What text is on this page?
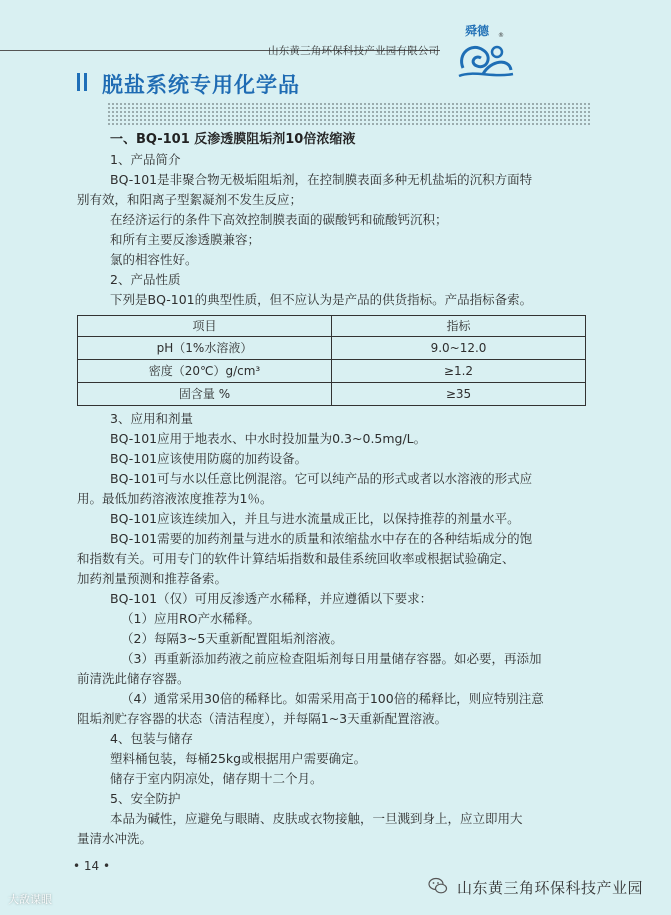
山东黄三角环保科技产业园有限公司
舜德 ®
脱盐系统专用化学品

一、BQ-101 反渗透膜阻垢剂10倍浓缩液

1、产品简介

BQ-101是非聚合物无极垢阻垢剂，在控制膜表面多种无机盐垢的沉积方面特

别有效，和阳离子型絮凝剂不发生反应；

在经济运行的条件下高效控制膜表面的碳酸钙和硫酸钙沉积；

和所有主要反渗透膜兼容；

氯的相容性好。

2、产品性质

下列是BQ-101的典型性质，但不应认为是产品的供货指标。产品指标备索。

项目	指标
pH（1%水溶液）	9.0~12.0
密度（20℃）g/cm³	≥1.2
固含量 %	≥35

3、应用和剂量

BQ-101应用于地表水、中水时投加量为0.3~0.5mg/L。

BQ-101应该使用防腐的加药设备。

BQ-101可与水以任意比例混溶。它可以纯产品的形式或者以水溶液的形式应

用。最低加药溶液浓度推荐为1％。

BQ-101应该连续加入，并且与进水流量成正比，以保持推荐的剂量水平。

BQ-101需要的加药剂量与进水的质量和浓缩盐水中存在的各种结垢成分的饱

和指数有关。可用专门的软件计算结垢指数和最佳系统回收率或根据试验确定、

加药剂量预测和推荐备索。

BQ-101（仅）可用反渗透产水稀释，并应遵循以下要求：

（1）应用RO产水稀释。

（2）每隔3~5天重新配置阻垢剂溶液。

（3）再重新添加药液之前应检查阻垢剂每日用量储存容器。如必要，再添加

前清洗此储存容器。

（4）通常采用30倍的稀释比。如需采用高于100倍的稀释比，则应特别注意

阻垢剂贮存容器的状态（清洁程度），并每隔1~3天重新配置溶液。

4、包装与储存

塑料桶包装，每桶25kg或根据用户需要确定。

储存于室内阴凉处，储存期十二个月。

5、安全防护

本品为碱性，应避免与眼睛、皮肤或衣物接触，一旦溅到身上，应立即用大

量清水冲洗。

• 14 •
大敌谋眼
山东黄三角环保科技产业园
